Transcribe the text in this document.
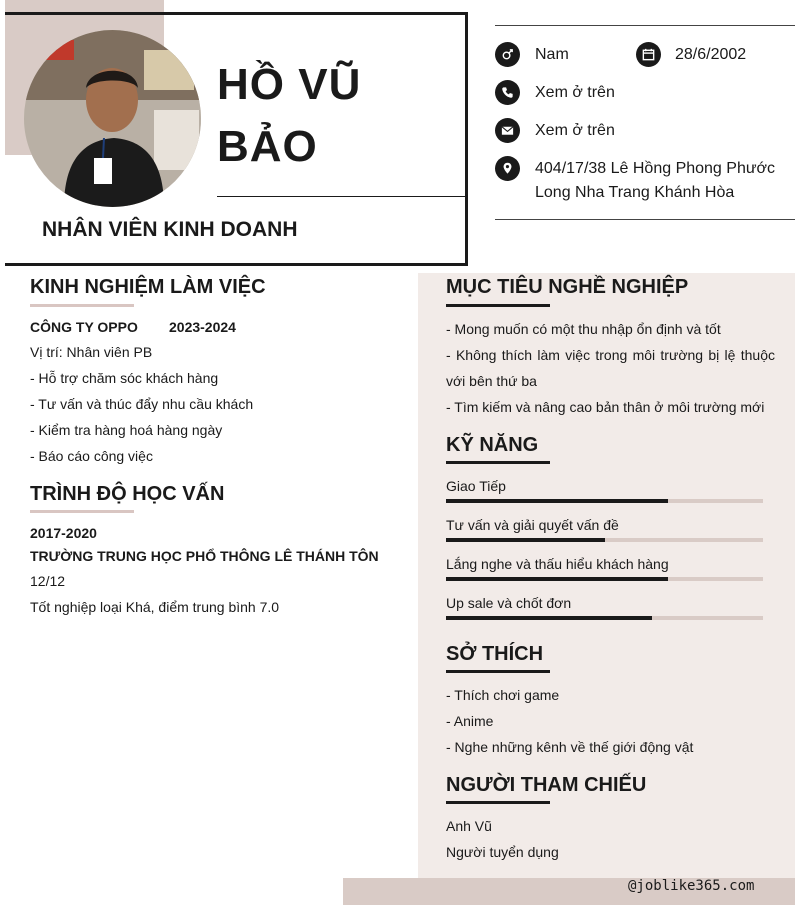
HỒ VŨ
BẢO
NHÂN VIÊN KINH DOANH
Nam	28/6/2002
Xem ở trên
Xem ở trên
404/17/38 Lê Hồng Phong Phước
Long Nha Trang Khánh Hòa
KINH NGHIỆM LÀM VIỆC
CÔNG TY OPPO 2023-2024
Vị trí: Nhân viên PB
- Hỗ trợ chăm sóc khách hàng
- Tư vấn và thúc đẩy nhu cầu khách
- Kiểm tra hàng hoá hàng ngày
- Báo cáo công việc
TRÌNH ĐỘ HỌC VẤN
2017-2020
TRƯỜNG TRUNG HỌC PHỔ THÔNG LÊ THÁNH TÔN
12/12
Tốt nghiệp loại Khá, điểm trung bình 7.0
MỤC TIÊU NGHỀ NGHIỆP
- Mong muốn có một thu nhập ổn định và tốt
- Không thích làm việc trong môi trường bị lệ thuộc với bên thứ ba
- Tìm kiếm và nâng cao bản thân ở môi trường mới
KỸ NĂNG
Giao Tiếp
Tư vấn và giải quyết vấn đề
Lắng nghe và thấu hiểu khách hàng
Up sale và chốt đơn
SỞ THÍCH
- Thích chơi game
- Anime
- Nghe những kênh về thế giới động vật
NGƯỜI THAM CHIẾU
Anh Vũ
Người tuyển dụng
@joblike365.com
